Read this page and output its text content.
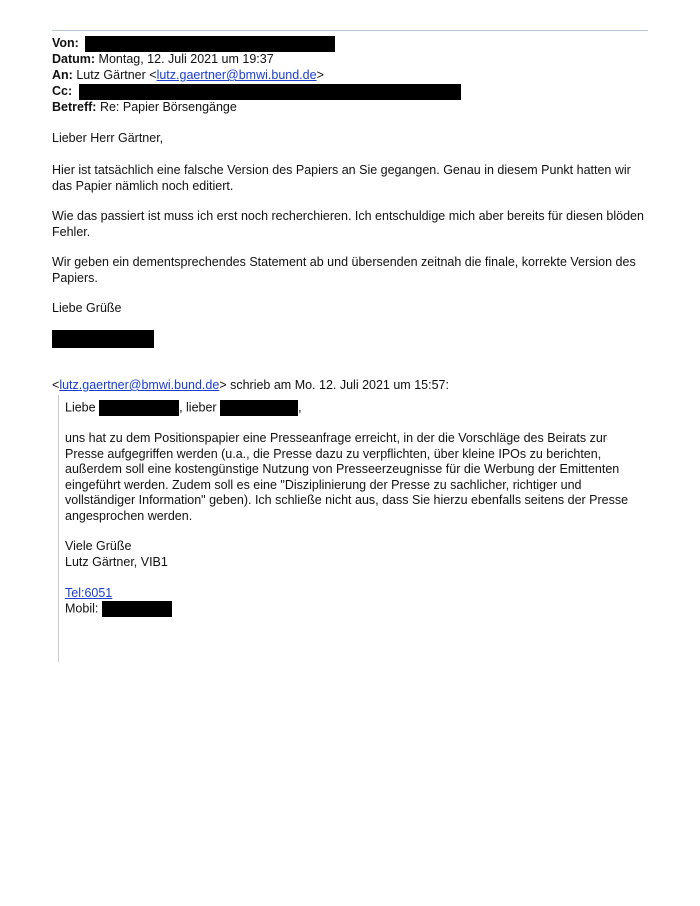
Von:
Datum: Montag, 12. Juli 2021 um 19:37
An: Lutz Gärtner <lutz.gaertner@bmwi.bund.de>
Cc:
Betreff: Re: Papier Börsengänge
Lieber Herr Gärtner,
Hier ist tatsächlich eine falsche Version des Papiers an Sie gegangen. Genau in diesem Punkt hatten wir das Papier nämlich noch editiert.
Wie das passiert ist muss ich erst noch recherchieren. Ich entschuldige mich aber bereits für diesen blöden Fehler.
Wir geben ein dementsprechendes Statement ab und übersenden zeitnah die finale, korrekte Version des Papiers.
Liebe Grüße
<lutz.gaertner@bmwi.bund.de> schrieb am Mo. 12. Juli 2021 um 15:57:
Liebe	, lieber	,
uns hat zu dem Positionspapier eine Presseanfrage erreicht, in der die Vorschläge des Beirats zur Presse aufgegriffen werden (u.a., die Presse dazu zu verpflichten, über kleine IPOs zu berichten, außerdem soll eine kostengünstige Nutzung von Presseerzeugnisse für die Werbung der Emittenten eingeführt werden. Zudem soll es eine "Disziplinierung der Presse zu sachlicher, richtiger und vollständiger Information" geben). Ich schließe nicht aus, dass Sie hierzu ebenfalls seitens der Presse angesprochen werden.
Viele Grüße
Lutz Gärtner, VIB1
Tel:6051
Mobil:
